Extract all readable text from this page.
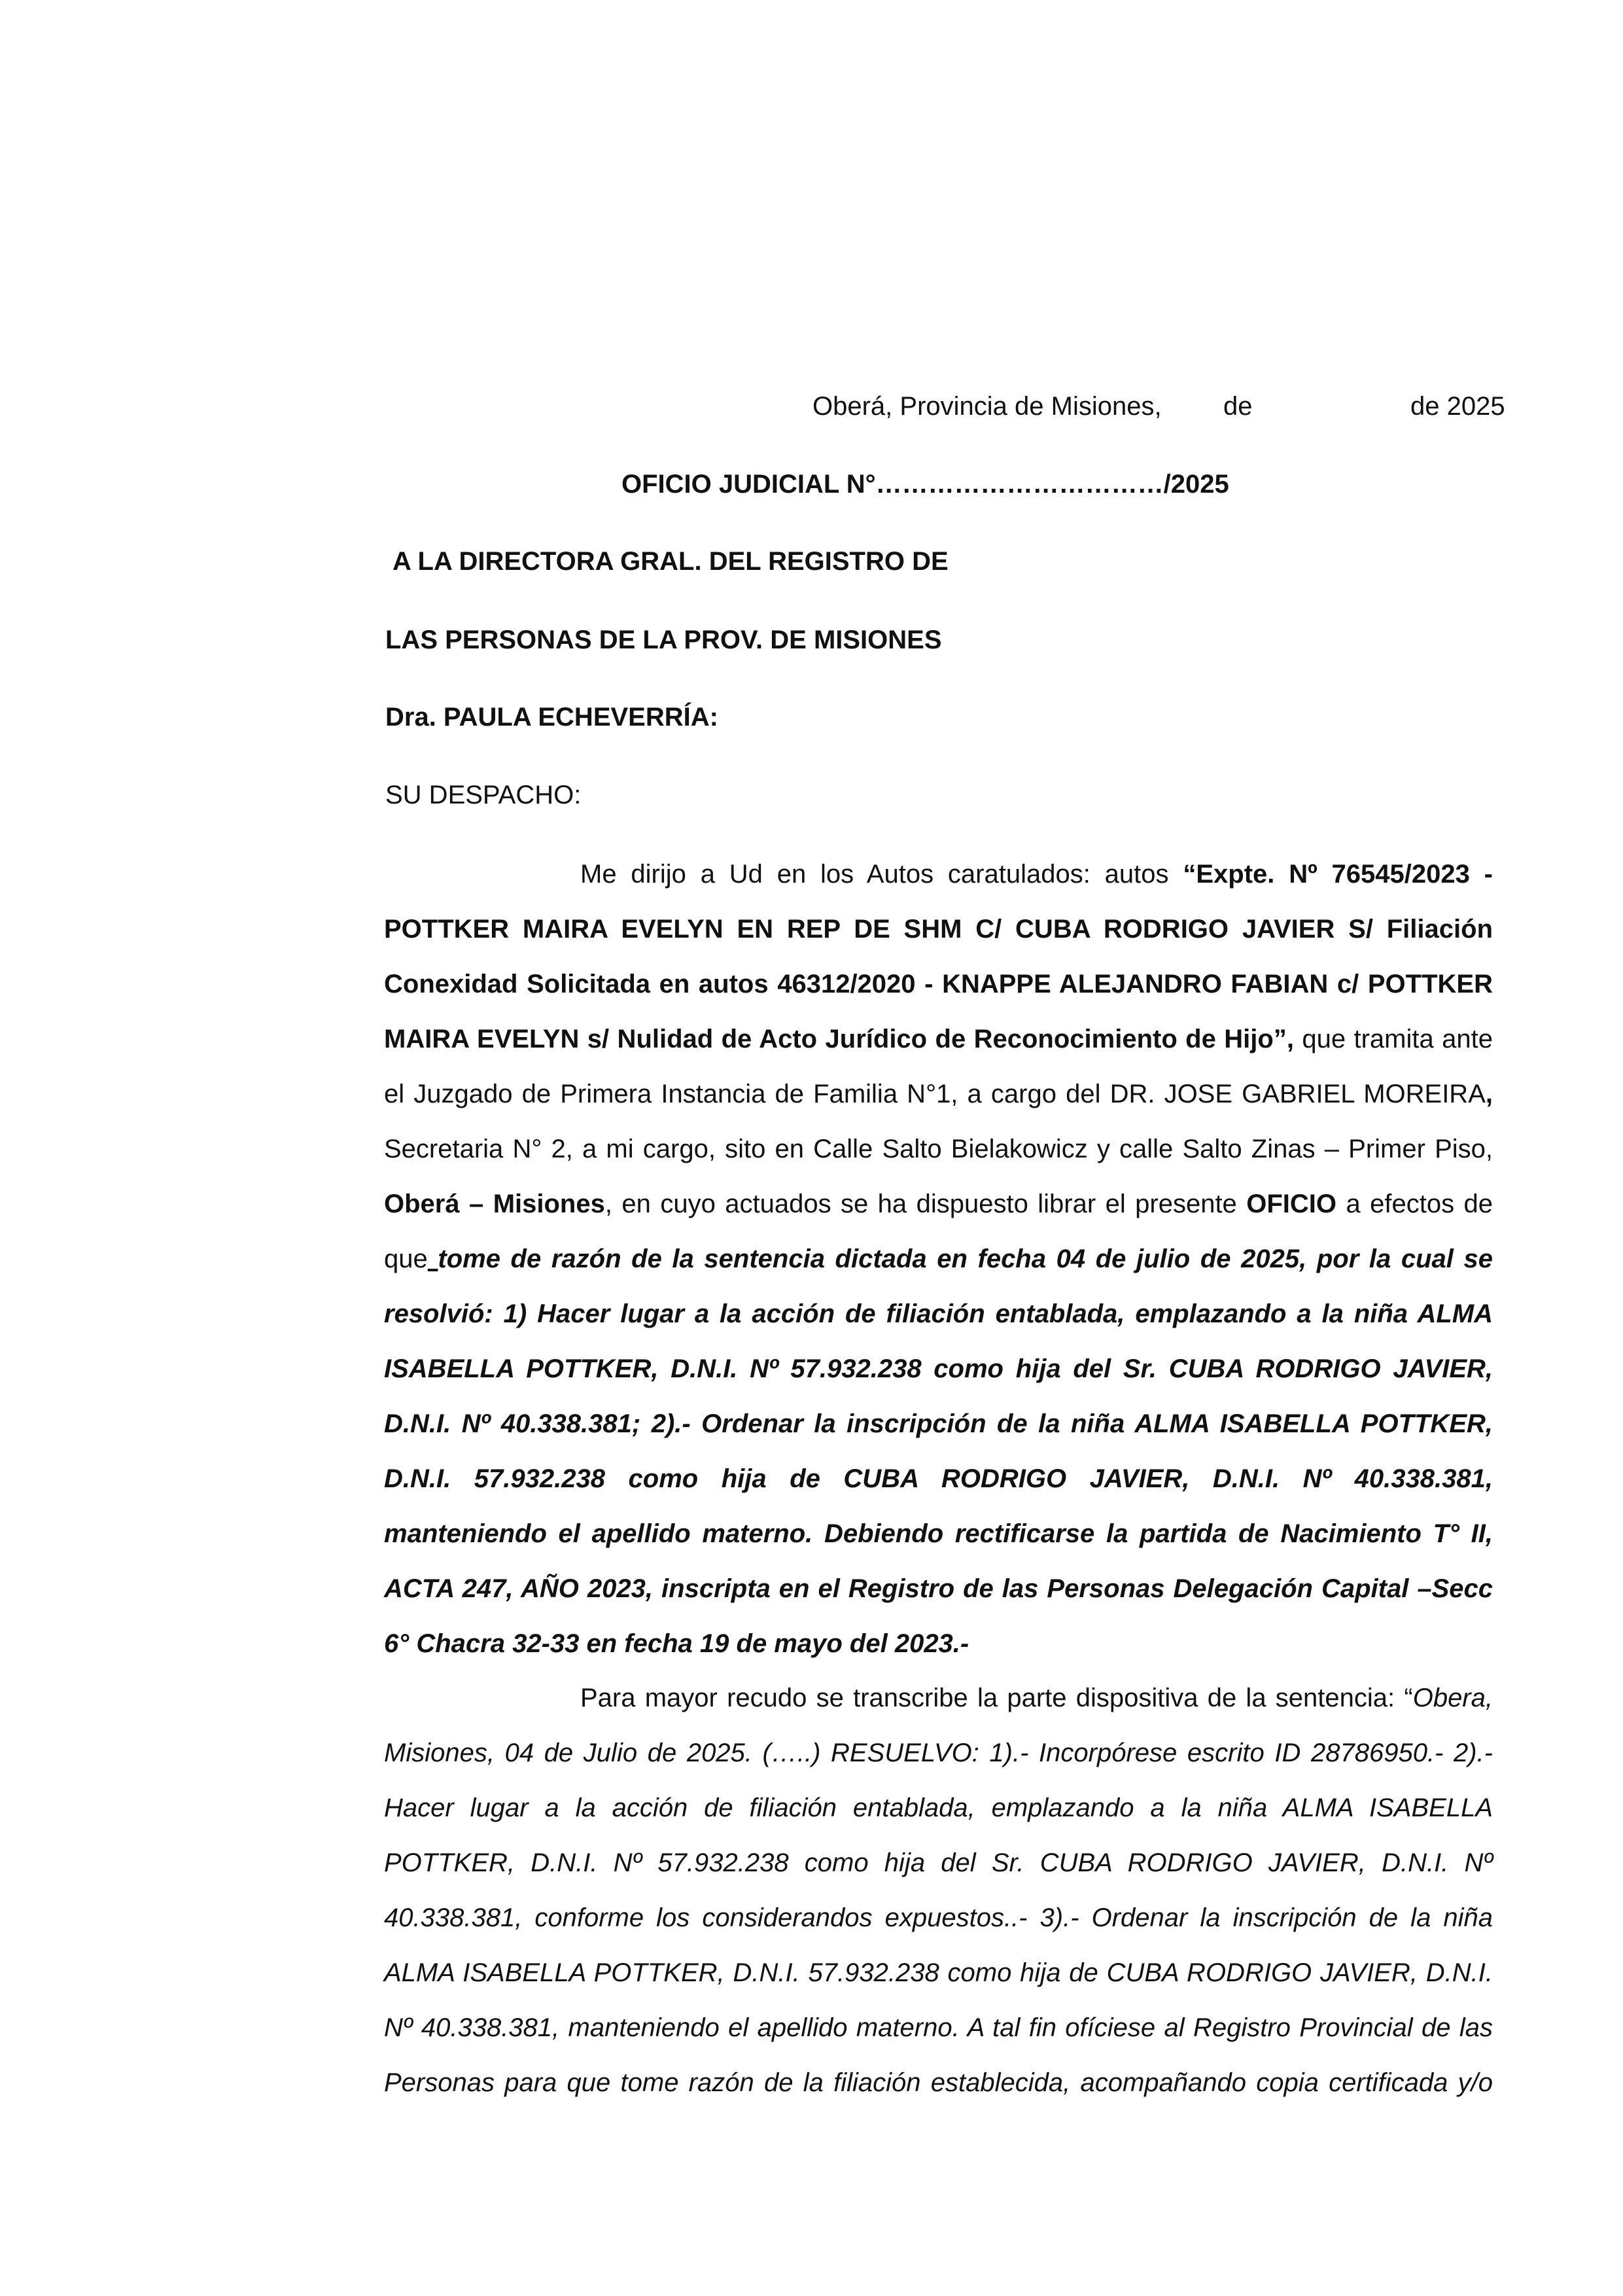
Oberá, Provincia de Misiones, de	de 2025
OFICIO JUDICIAL N°……………………………/2025
A LA DIRECTORA GRAL. DEL REGISTRO DE
LAS PERSONAS DE LA PROV. DE MISIONES
Dra. PAULA ECHEVERRÍA:
SU DESPACHO:
Me dirijo a Ud en los Autos caratulados: autos “Expte. Nº 76545/2023 -
POTTKER MAIRA EVELYN EN REP DE SHM C/ CUBA RODRIGO JAVIER S/ Filiación
Conexidad Solicitada en autos 46312/2020 - KNAPPE ALEJANDRO FABIAN c/ POTTKER
MAIRA EVELYN s/ Nulidad de Acto Jurídico de Reconocimiento de Hijo”, que tramita ante
el Juzgado de Primera Instancia de Familia N°1, a cargo del DR. JOSE GABRIEL MOREIRA,
Secretaria N° 2, a mi cargo, sito en Calle Salto Bielakowicz y calle Salto Zinas – Primer Piso,
Oberá – Misiones, en cuyo actuados se ha dispuesto librar el presente OFICIO a efectos de
que tome de razón de la sentencia dictada en fecha 04 de julio de 2025, por la cual se
resolvió: 1) Hacer lugar a la acción de filiación entablada, emplazando a la niña ALMA
ISABELLA POTTKER, D.N.I. Nº 57.932.238 como hija del Sr. CUBA RODRIGO JAVIER,
D.N.I. Nº 40.338.381; 2).- Ordenar la inscripción de la niña ALMA ISABELLA POTTKER,
D.N.I. 57.932.238 como hija de CUBA RODRIGO JAVIER, D.N.I. Nº 40.338.381,
manteniendo el apellido materno. Debiendo rectificarse la partida de Nacimiento T° II,
ACTA 247, AÑO 2023, inscripta en el Registro de las Personas Delegación Capital –Secc
6° Chacra 32-33 en fecha 19 de mayo del 2023.-
Para mayor recudo se transcribe la parte dispositiva de la sentencia: “Obera,
Misiones, 04 de Julio de 2025. (…..) RESUELVO: 1).- Incorpórese escrito ID 28786950.- 2).-
Hacer lugar a la acción de filiación entablada, emplazando a la niña ALMA ISABELLA
POTTKER, D.N.I. Nº 57.932.238 como hija del Sr. CUBA RODRIGO JAVIER, D.N.I. Nº
40.338.381, conforme los considerandos expuestos..- 3).- Ordenar la inscripción de la niña
ALMA ISABELLA POTTKER, D.N.I. 57.932.238 como hija de CUBA RODRIGO JAVIER, D.N.I.
Nº 40.338.381, manteniendo el apellido materno. A tal fin ofíciese al Registro Provincial de las
Personas para que tome razón de la filiación establecida, acompañando copia certificada y/o
